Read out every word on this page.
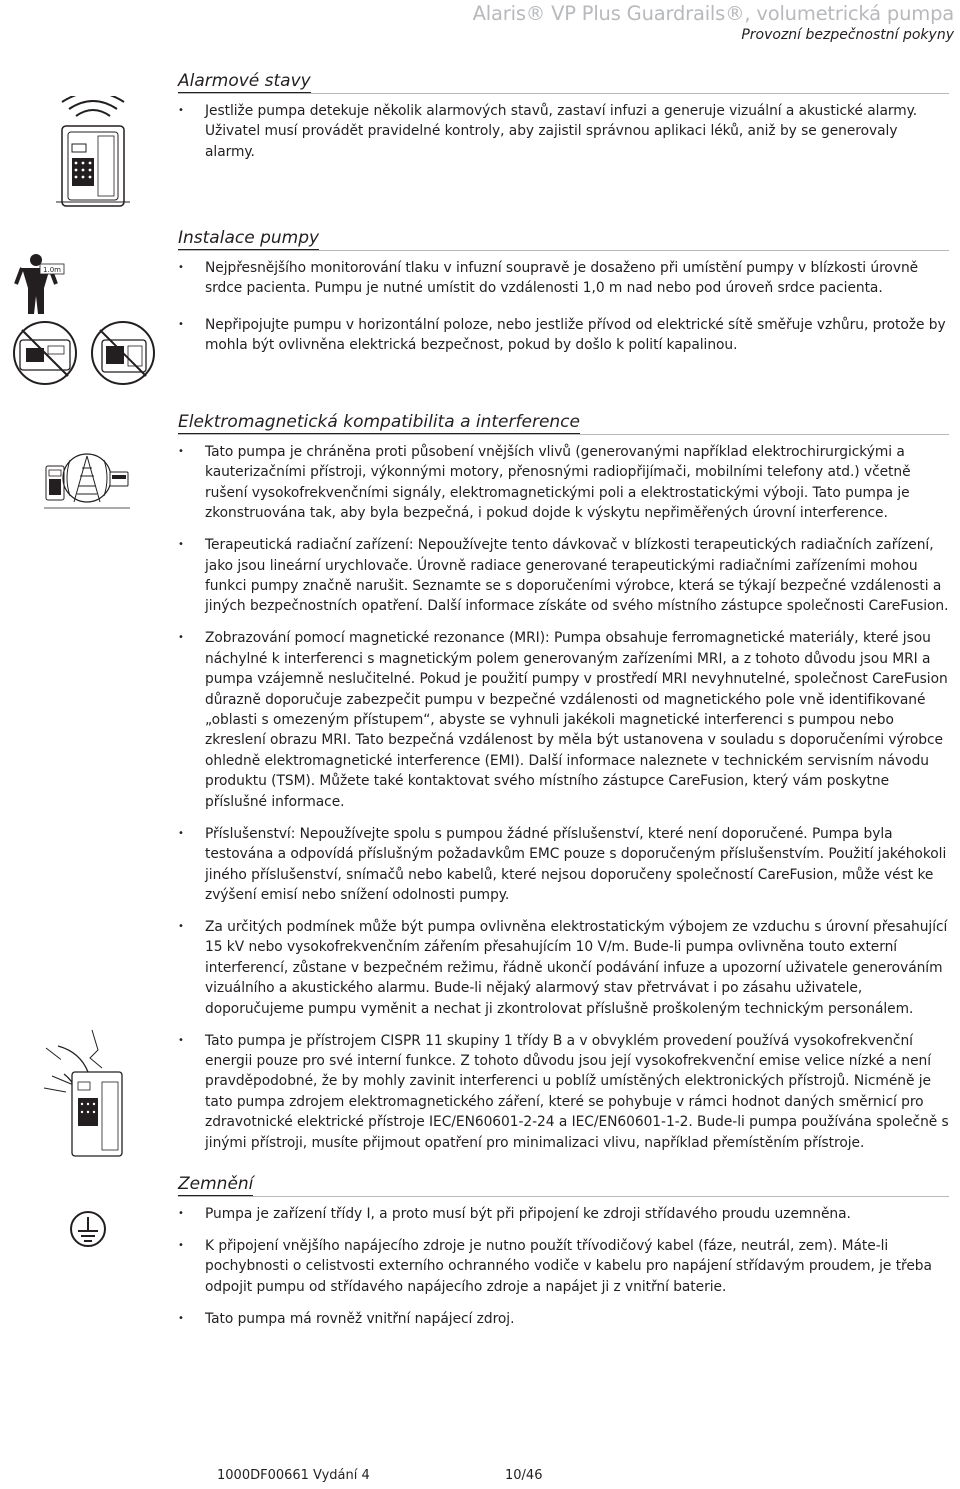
Alaris® VP Plus Guardrails®, volumetrická pumpa
Provozní bezpečnostní pokyny
Alarmové stavy
• Jestliže pumpa detekuje několik alarmových stavů, zastaví infuzi a generuje vizuální a akustické alarmy. Uživatel musí provádět pravidelné kontroly, aby zajistil správnou aplikaci léků, aniž by se generovaly alarmy.
1.0m
Instalace pumpy
• Nejpřesnějšího monitorování tlaku v infuzní soupravě je dosaženo při umístění pumpy v blízkosti úrovně srdce pacienta. Pumpu je nutné umístit do vzdálenosti 1,0 m nad nebo pod úroveň srdce pacienta.
• Nepřipojujte pumpu v horizontální poloze, nebo jestliže přívod od elektrické sítě směřuje vzhůru, protože by mohla být ovlivněna elektrická bezpečnost, pokud by došlo k polití kapalinou.
Elektromagnetická kompatibilita a interference
• Tato pumpa je chráněna proti působení vnějších vlivů (generovanými například elektrochirurgickými a kauterizačními přístroji, výkonnými motory, přenosnými radiopřijímači, mobilními telefony atd.) včetně rušení vysokofrekvenčními signály, elektromagnetickými poli a elektrostatickými výboji. Tato pumpa je zkonstruována tak, aby byla bezpečná, i pokud dojde k výskytu nepřiměřených úrovní interference.
• Terapeutická radiační zařízení: Nepoužívejte tento dávkovač v blízkosti terapeutických radiačních zařízení, jako jsou lineární urychlovače. Úrovně radiace generované terapeutickými radiačními zařízeními mohou funkci pumpy značně narušit. Seznamte se s doporučeními výrobce, která se týkají bezpečné vzdálenosti a jiných bezpečnostních opatření. Další informace získáte od svého místního zástupce společnosti CareFusion.
• Zobrazování pomocí magnetické rezonance (MRI): Pumpa obsahuje ferromagnetické materiály, které jsou náchylné k interferenci s magnetickým polem generovaným zařízeními MRI, a z tohoto důvodu jsou MRI a pumpa vzájemně neslučitelné. Pokud je použití pumpy v prostředí MRI nevyhnutelné, společnost CareFusion důrazně doporučuje zabezpečit pumpu v bezpečné vzdálenosti od magnetického pole vně identifikované „oblasti s omezeným přístupem“, abyste se vyhnuli jakékoli magnetické interferenci s pumpou nebo zkreslení obrazu MRI. Tato bezpečná vzdálenost by měla být ustanovena v souladu s doporučeními výrobce ohledně elektromagnetické interference (EMI). Další informace naleznete v technickém servisním návodu produktu (TSM). Můžete také kontaktovat svého místního zástupce CareFusion, který vám poskytne příslušné informace.
• Příslušenství: Nepoužívejte spolu s pumpou žádné příslušenství, které není doporučené. Pumpa byla testována a odpovídá příslušným požadavkům EMC pouze s doporučeným příslušenstvím. Použití jakéhokoli jiného příslušenství, snímačů nebo kabelů, které nejsou doporučeny společností CareFusion, může vést ke zvýšení emisí nebo snížení odolnosti pumpy.
• Za určitých podmínek může být pumpa ovlivněna elektrostatickým výbojem ze vzduchu s úrovní přesahující 15 kV nebo vysokofrekvenčním zářením přesahujícím 10 V/m. Bude-li pumpa ovlivněna touto externí interferencí, zůstane v bezpečném režimu, řádně ukončí podávání infuze a upozorní uživatele generováním vizuálního a akustického alarmu. Bude-li nějaký alarmový stav přetrvávat i po zásahu uživatele, doporučujeme pumpu vyměnit a nechat ji zkontrolovat příslušně proškoleným technickým personálem.
• Tato pumpa je přístrojem CISPR 11 skupiny 1 třídy B a v obvyklém provedení používá vysokofrekvenční energii pouze pro své interní funkce. Z tohoto důvodu jsou její vysokofrekvenční emise velice nízké a není pravděpodobné, že by mohly zavinit interferenci u poblíž umístěných elektronických přístrojů. Nicméně je tato pumpa zdrojem elektromagnetického záření, které se pohybuje v rámci hodnot daných směrnicí pro zdravotnické elektrické přístroje IEC/EN60601-2-24 a IEC/EN60601-1-2. Bude-li pumpa používána společně s jinými přístroji, musíte přijmout opatření pro minimalizaci vlivu, například přemístěním přístroje.
Zemnění
• Pumpa je zařízení třídy I, a proto musí být při připojení ke zdroji střídavého proudu uzemněna.
• K připojení vnějšího napájecího zdroje je nutno použít třívodičový kabel (fáze, neutrál, zem). Máte-li pochybnosti o celistvosti externího ochranného vodiče v kabelu pro napájení střídavým proudem, je třeba odpojit pumpu od střídavého napájecího zdroje a napájet ji z vnitřní baterie.
• Tato pumpa má rovněž vnitřní napájecí zdroj.
1000DF00661 Vydání 4	10/46
